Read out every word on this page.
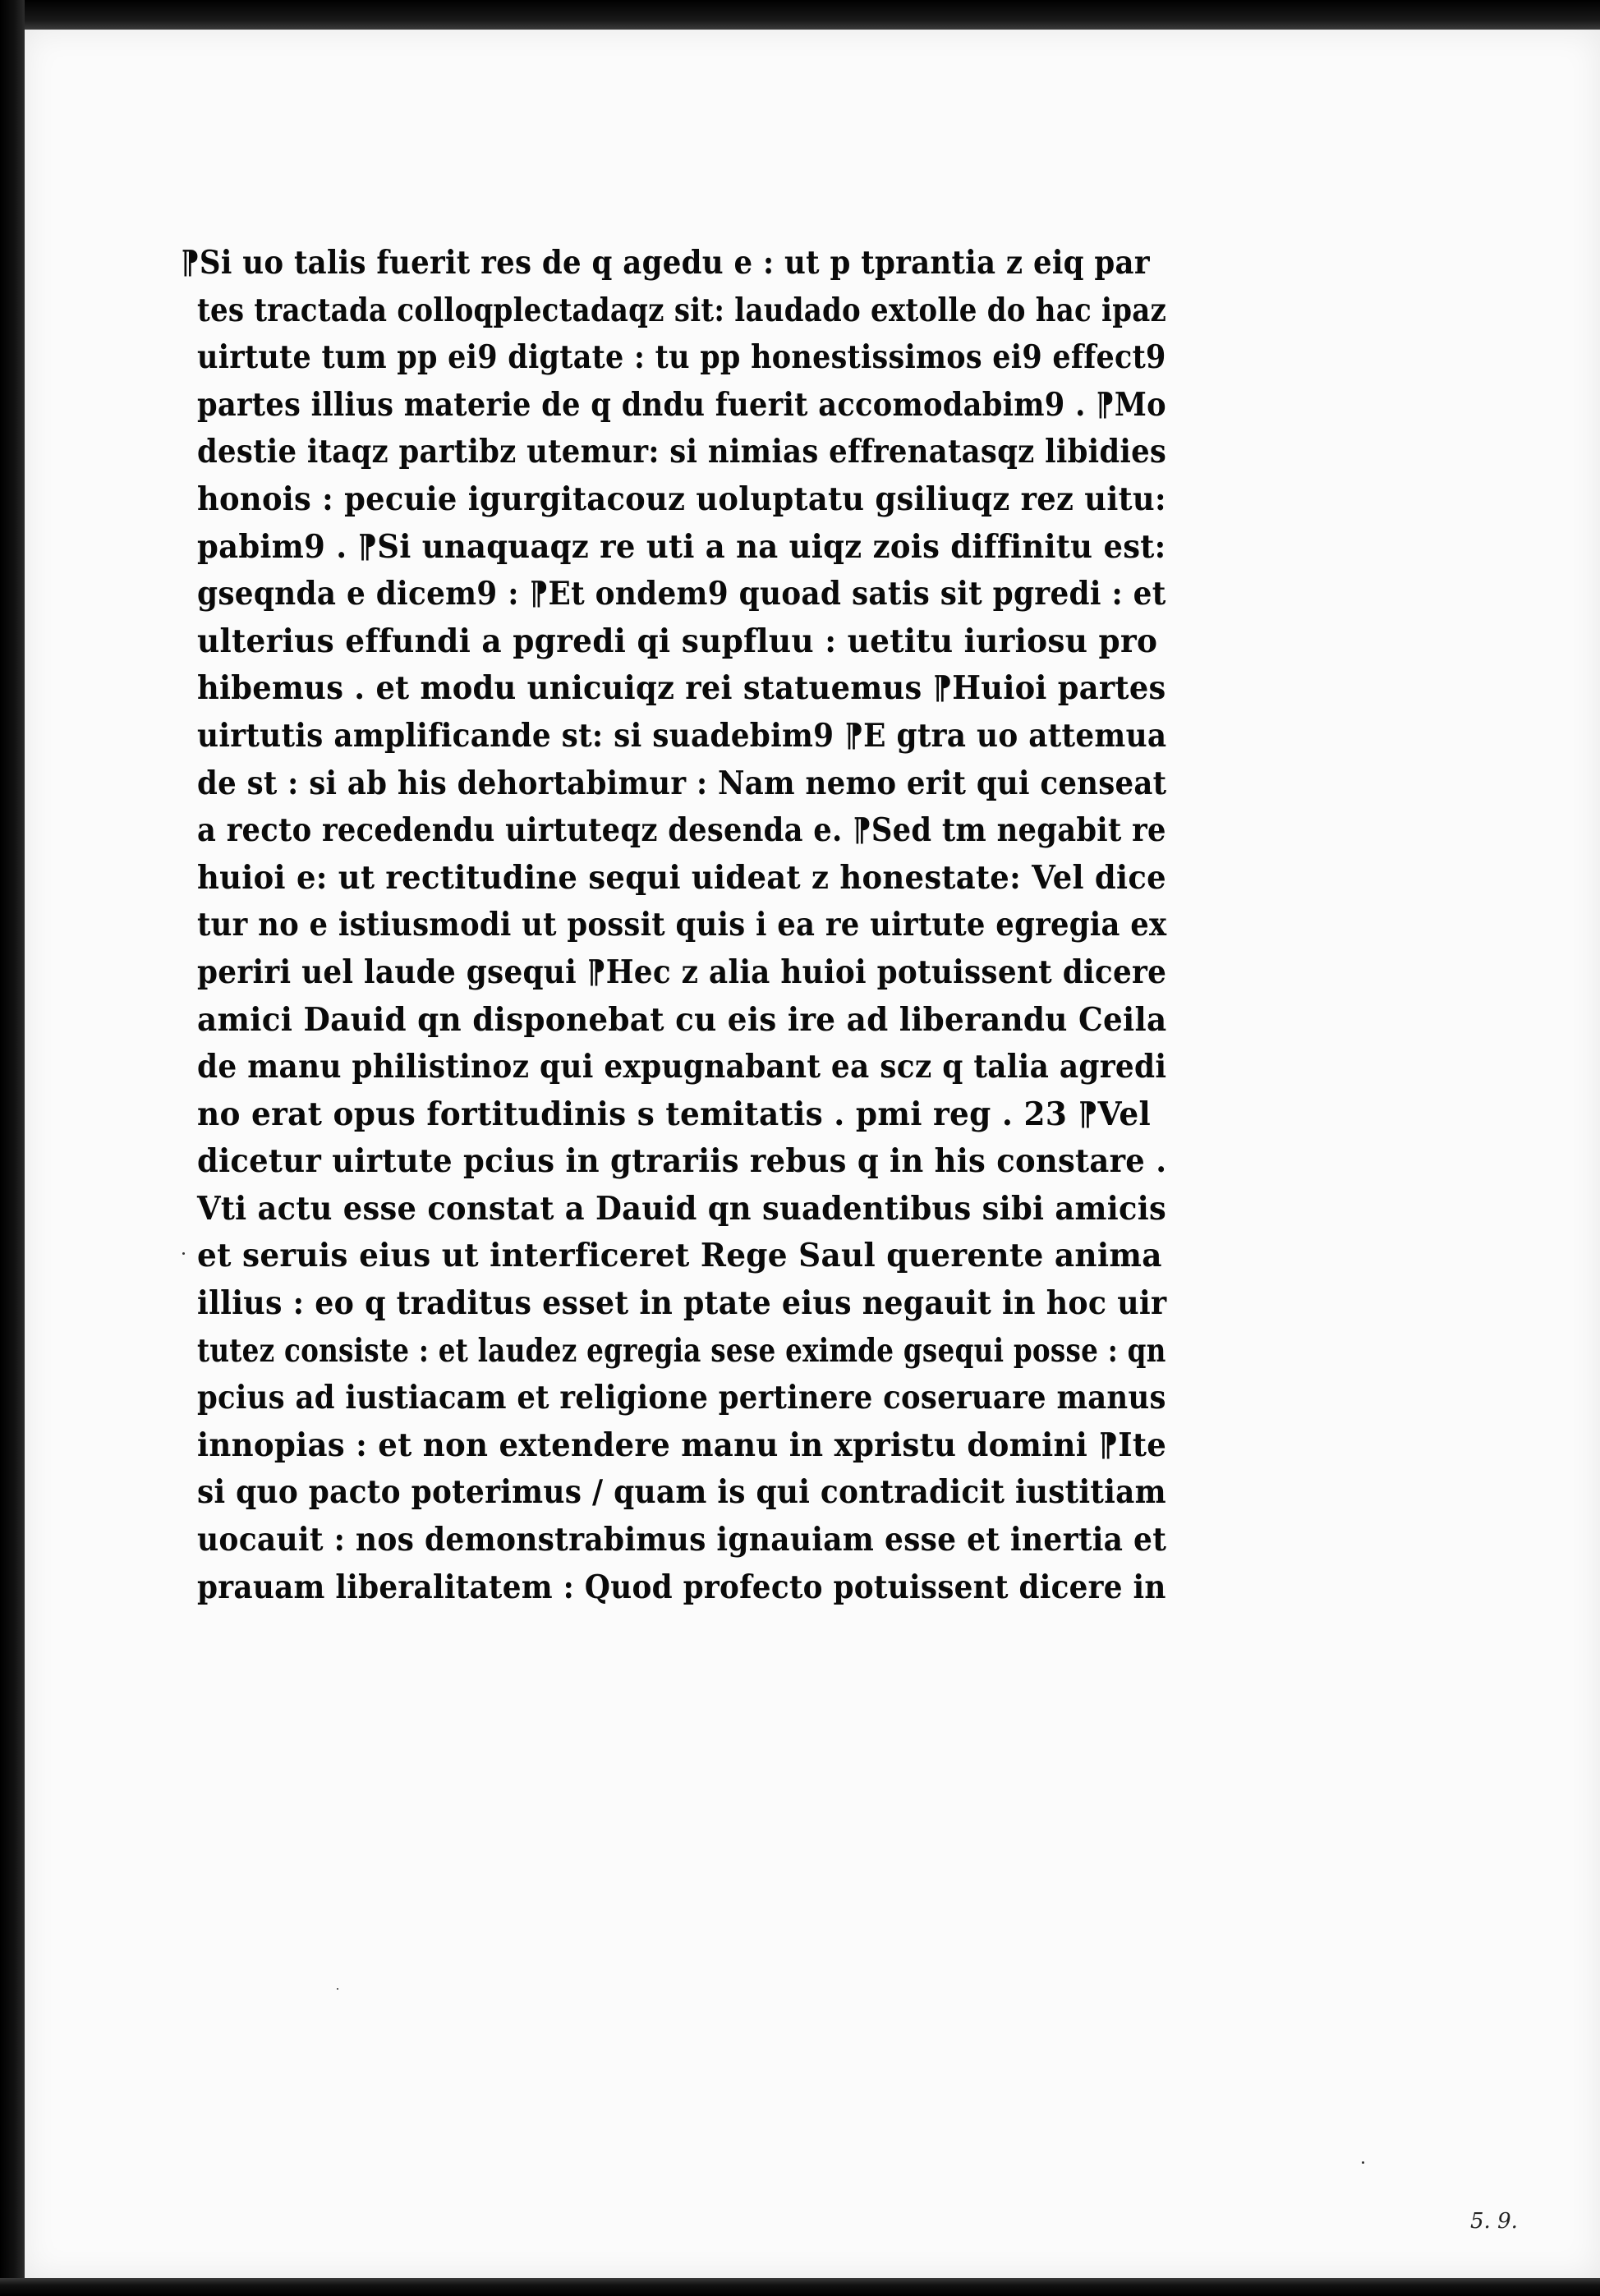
⁋Si uo talis fuerit res de q agedu e : ut p tprantia z eiq par
tes tractada colloqplectadaqz sit: laudado extolle do hac ipaz
uirtute tum pp ei9 digtate : tu pp honestissimos ei9 effect9
partes illius materie de q dndu fuerit accomodabim9 . ⁋Mo
destie itaqz partibz utemur: si nimias effrenatasqz libidies
honois : pecuie igurgitacouz uoluptatu gsiliuqz rez uitu:
pabim9 . ⁋Si unaquaqz re uti a na uiqz zois diffinitu est:
gseqnda e dicem9 : ⁋Et ondem9 quoad satis sit pgredi : et
ulterius effundi a pgredi qi supfluu : uetitu iuriosu pro
hibemus . et modu unicuiqz rei statuemus ⁋Huioi partes
uirtutis amplificande st: si suadebim9 ⁋E gtra uo attemua
de st : si ab his dehortabimur : Nam nemo erit qui censeat
a recto recedendu uirtuteqz desenda e. ⁋Sed tm negabit re
huioi e: ut rectitudine sequi uideat z honestate: Vel dice
tur no e istiusmodi ut possit quis i ea re uirtute egregia ex
periri uel laude gsequi ⁋Hec z alia huioi potuissent dicere
amici Dauid qn disponebat cu eis ire ad liberandu Ceila
de manu philistinoz qui expugnabant ea scz q talia agredi
no erat opus fortitudinis s temitatis . pmi reg . 23 ⁋Vel
dicetur uirtute pcius in gtrariis rebus q in his constare .
Vti actu esse constat a Dauid qn suadentibus sibi amicis
et seruis eius ut interficeret Rege Saul querente anima
illius : eo q traditus esset in ptate eius negauit in hoc uir
tutez consiste : et laudez egregia sese eximde gsequi posse : qn
pcius ad iustiacam et religione pertinere coseruare manus
innopias : et non extendere manu in xpristu domini ⁋Ite
si quo pacto poterimus / quam is qui contradicit iustitiam
uocauit : nos demonstrabimus ignauiam esse et inertia et
prauam liberalitatem : Quod profecto potuissent dicere in
5. 9.
